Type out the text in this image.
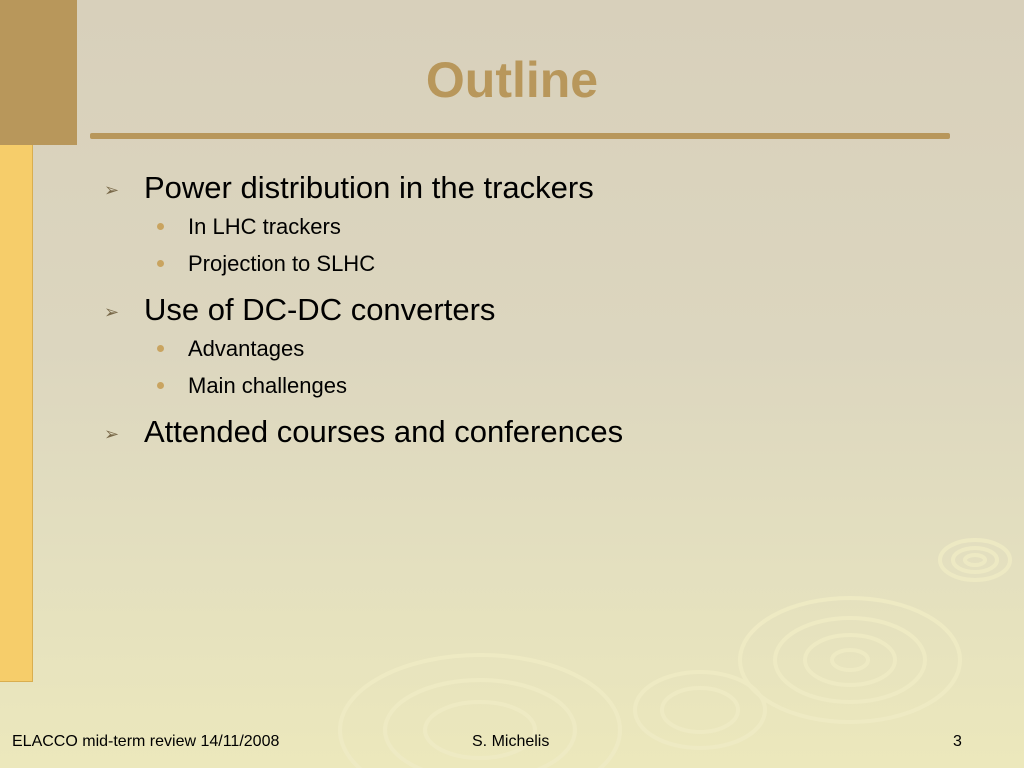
Outline
➢ Power distribution in the trackers
In LHC trackers
Projection to SLHC
➢ Use of DC-DC converters
Advantages
Main challenges
➢ Attended courses and conferences
ELACCO mid-term review 14/11/2008	S. Michelis	3
